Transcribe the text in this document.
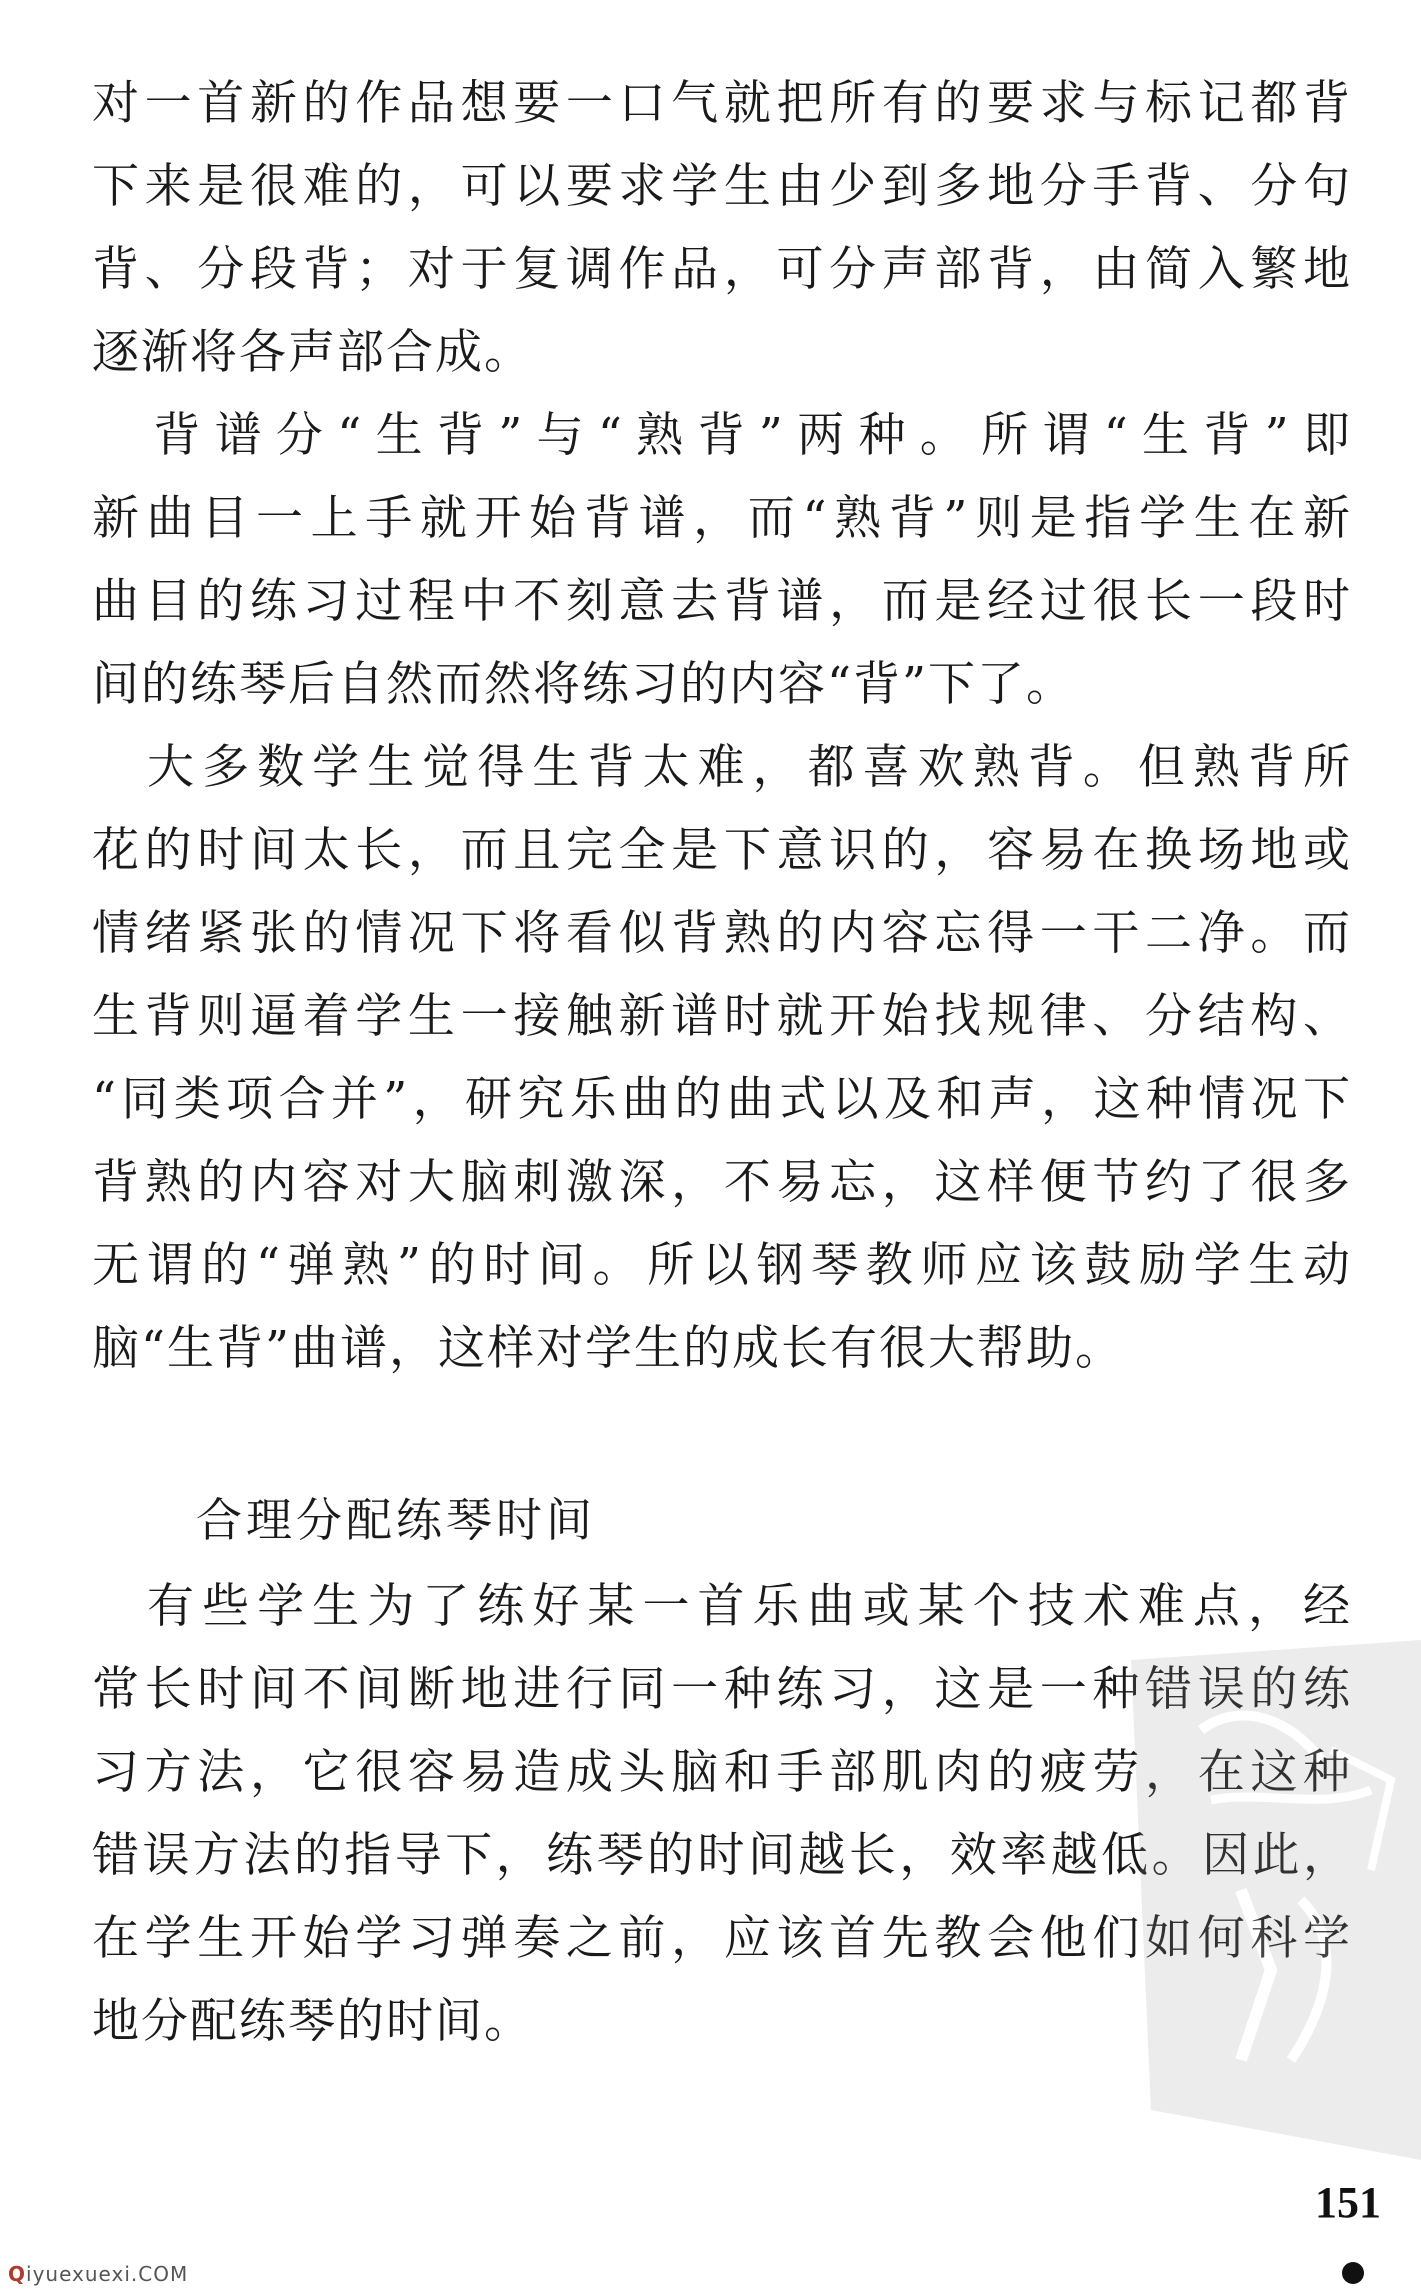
对一首新的作品想要一口气就把所有的要求与标记都背
下来是很难的，可以要求学生由少到多地分手背、分句
背、分段背；对于复调作品，可分声部背，由简入繁地
逐渐将各声部合成。
　背谱分“生背”与“熟背”两种。所谓“生背”即
新曲目一上手就开始背谱，而“熟背”则是指学生在新
曲目的练习过程中不刻意去背谱，而是经过很长一段时
间的练琴后自然而然将练习的内容“背”下了。
　大多数学生觉得生背太难，都喜欢熟背。但熟背所
花的时间太长，而且完全是下意识的，容易在换场地或
情绪紧张的情况下将看似背熟的内容忘得一干二净。而
生背则逼着学生一接触新谱时就开始找规律、分结构、
“同类项合并”，研究乐曲的曲式以及和声，这种情况下
背熟的内容对大脑刺激深，不易忘，这样便节约了很多
无谓的“弹熟”的时间。所以钢琴教师应该鼓励学生动
脑“生背”曲谱，这样对学生的成长有很大帮助。
合理分配练琴时间
　有些学生为了练好某一首乐曲或某个技术难点，经
常长时间不间断地进行同一种练习，这是一种错误的练
习方法，它很容易造成头脑和手部肌肉的疲劳，在这种
错误方法的指导下，练琴的时间越长，效率越低。因此，
在学生开始学习弹奏之前，应该首先教会他们如何科学
地分配练琴的时间。
151
Qiyuexuexi.COM
